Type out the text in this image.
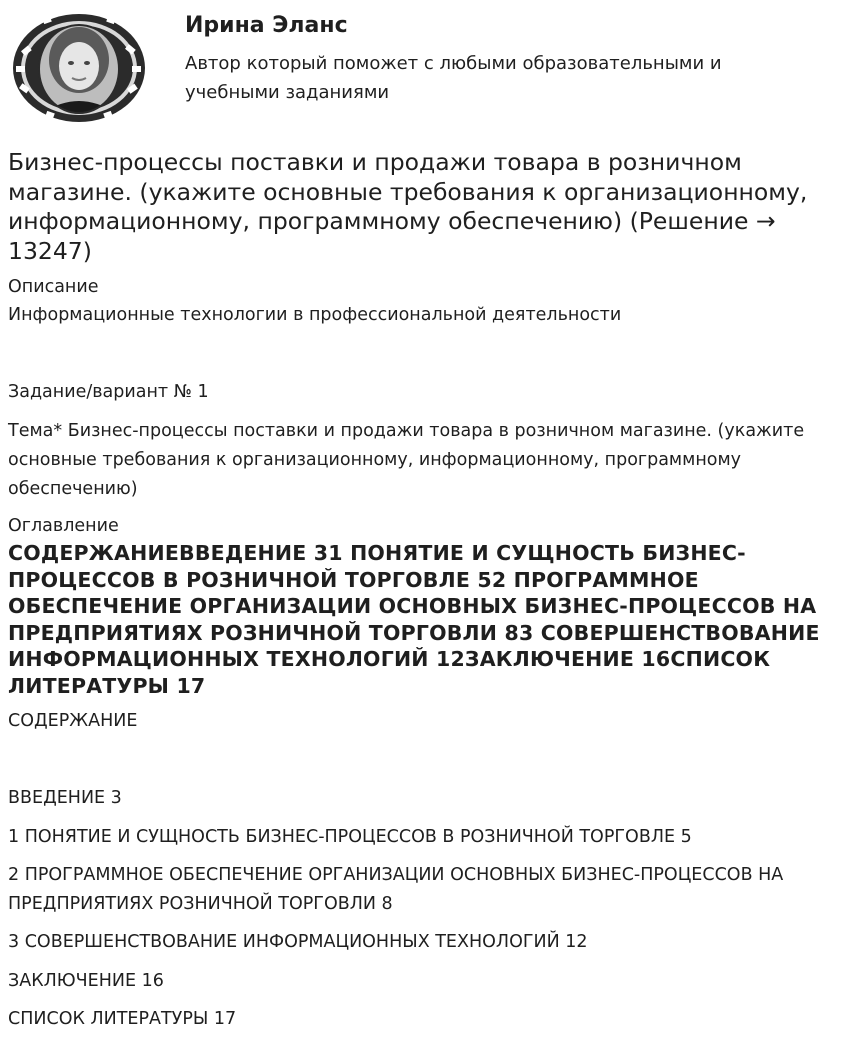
Ирина Эланс
Автор который поможет с любыми образовательными и учебными заданиями
Бизнес-процессы поставки и продажи товара в розничном магазине. (укажите основные требования к организационному, информационному, программному обеспечению) (Решение → 13247)
Описание
Информационные технологии в профессиональной деятельности
Задание/вариант № 1
Тема* Бизнес-процессы поставки и продажи товара в розничном магазине. (укажите основные требования к организационному, информационному, программному обеспечению)
Оглавление
СОДЕРЖАНИЕВВЕДЕНИЕ 31 ПОНЯТИЕ И СУЩНОСТЬ БИЗНЕС-ПРОЦЕССОВ В РОЗНИЧНОЙ ТОРГОВЛЕ 52 ПРОГРАММНОЕ ОБЕСПЕЧЕНИЕ ОРГАНИЗАЦИИ ОСНОВНЫХ БИЗНЕС-ПРОЦЕССОВ НА ПРЕДПРИЯТИЯХ РОЗНИЧНОЙ ТОРГОВЛИ 83 СОВЕРШЕНСТВОВАНИЕ ИНФОРМАЦИОННЫХ ТЕХНОЛОГИЙ 12ЗАКЛЮЧЕНИЕ 16СПИСОК ЛИТЕРАТУРЫ 17
СОДЕРЖАНИЕ
ВВЕДЕНИЕ 3
1 ПОНЯТИЕ И СУЩНОСТЬ БИЗНЕС-ПРОЦЕССОВ В РОЗНИЧНОЙ ТОРГОВЛЕ 5
2 ПРОГРАММНОЕ ОБЕСПЕЧЕНИЕ ОРГАНИЗАЦИИ ОСНОВНЫХ БИЗНЕС-ПРОЦЕССОВ НА ПРЕДПРИЯТИЯХ РОЗНИЧНОЙ ТОРГОВЛИ 8
3 СОВЕРШЕНСТВОВАНИЕ ИНФОРМАЦИОННЫХ ТЕХНОЛОГИЙ 12
ЗАКЛЮЧЕНИЕ 16
СПИСОК ЛИТЕРАТУРЫ 17
